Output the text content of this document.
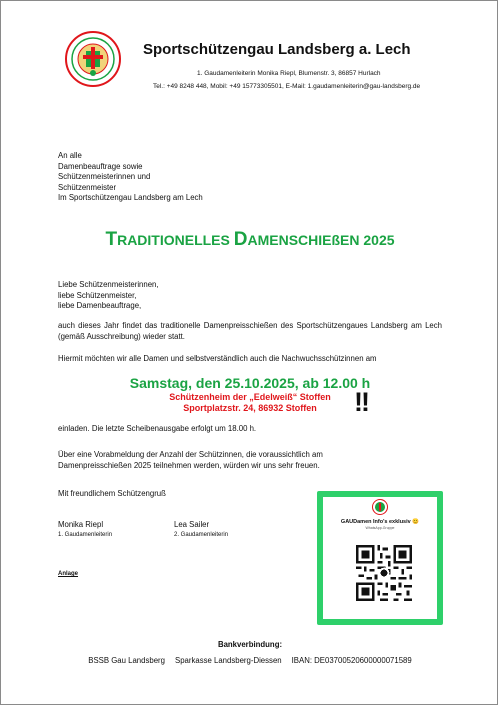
Sportschützengau Landsberg a. Lech
1. Gaudamenleiterin Monika Riepl, Blumenstr. 3, 86857 Hurlach
Tel.: +49 8248 448, Mobil: +49 15773305501, E-Mail: 1.gaudamenleiterin@gau-landsberg.de
An alle
Damenbeauftrage sowie
Schützenmeisterinnen und
Schützenmeister
Im Sportschützengau Landsberg am Lech
TRADITIONELLES DAMENSCHIEßEN 2025
Liebe Schützenmeisterinnen,
liebe Schützenmeister,
liebe Damenbeauftrage,
auch dieses Jahr findet das traditionelle Damenpreisschießen des Sportschützengaues Landsberg am Lech (gemäß Ausschreibung) wieder statt.
Hiermit möchten wir alle Damen und selbstverständlich auch die Nachwuchsschützinnen am
Samstag, den 25.10.2025, ab 12.00 h
Schützenheim der „Edelweiß“ Stoffen
Sportplatzstr. 24, 86932 Stoffen	!!
einladen. Die letzte Scheibenausgabe erfolgt um 18.00 h.
Über eine Vorabmeldung der Anzahl der Schützinnen, die voraussichtlich am Damenpreisschießen 2025 teilnehmen werden, würden wir uns sehr freuen.
Mit freundlichem Schützengruß
Monika Riepl
1. Gaudamenleiterin
Lea Sailer
2. Gaudamenleiterin
Anlage
GAUDamen Info's exklusiv 😊
WhatsApp-Gruppe
Bankverbindung:
BSSB Gau Landsberg Sparkasse Landsberg-Diessen IBAN: DE03700520600000071589
